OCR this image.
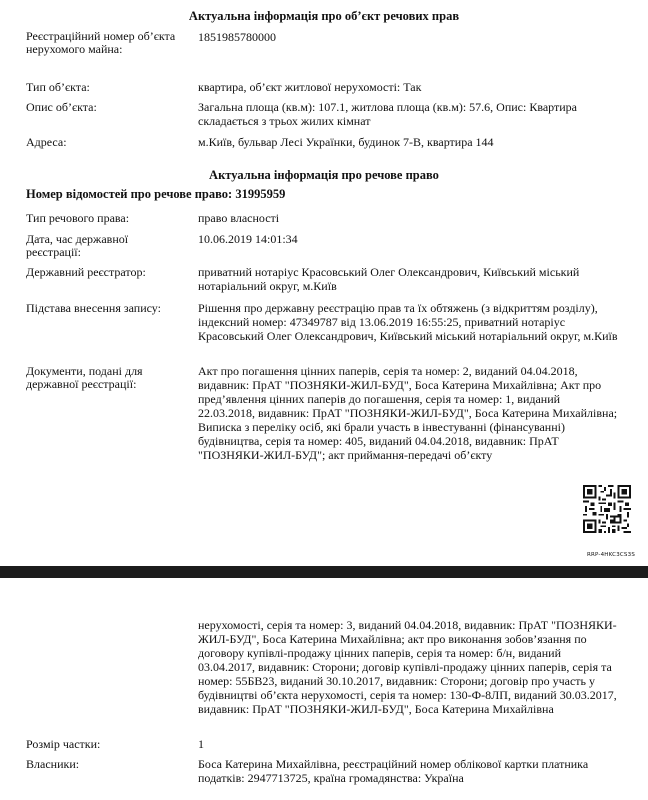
Актуальна інформація про об’єкт речових прав
Реєстраційний номер об’єкта нерухомого майна:
1851985780000
Тип об’єкта:	квартира, об’єкт житлової нерухомості: Так
Опис об’єкта:	Загальна площа (кв.м): 107.1, житлова площа (кв.м): 57.6, Опис: Квартира складається з трьох жилих кімнат
Адреса:	м.Київ, бульвар Лесі Українки, будинок 7-В, квартира 144
Актуальна інформація про речове право
Номер відомостей про речове право: 31995959
Тип речового права:	право власності
Дата, час державної реєстрації:
10.06.2019 14:01:34
Державний реєстратор:	приватний нотаріус Красовський Олег Олександрович, Київський міський нотаріальний округ, м.Київ
Підстава внесення запису:	Рішення про державну реєстрацію прав та їх обтяжень (з відкриттям розділу), індексний номер: 47349787 від 13.06.2019 16:55:25, приватний нотаріус Красовський Олег Олександрович, Київський міський нотаріальний округ, м.Київ
Документи, подані для державної реєстрації:
Акт про погашення цінних паперів, серія та номер: 2, виданий 04.04.2018, видавник: ПрАТ "ПОЗНЯКИ-ЖИЛ-БУД", Боса Катерина Михайлівна; Акт про пред’явлення цінних паперів до погашення, серія та номер: 1, виданий 22.03.2018, видавник: ПрАТ "ПОЗНЯКИ-ЖИЛ-БУД", Боса Катерина Михайлівна; Виписка з переліку осіб, які брали участь в інвестуванні (фінансуванні) будівництва, серія та номер: 405, виданий 04.04.2018, видавник: ПрАТ "ПОЗНЯКИ-ЖИЛ-БУД"; акт приймання-передачі об’єкту
RRP-4HKC3CS3S
нерухомості, серія та номер: 3, виданий 04.04.2018, видавник: ПрАТ "ПОЗНЯКИ-ЖИЛ-БУД", Боса Катерина Михайлівна; акт про виконання зобов’язання по договору купівлі-продажу цінних паперів, серія та номер: б/н, виданий 03.04.2017, видавник: Сторони; договір купівлі-продажу цінних паперів, серія та номер: 55БВ23, виданий 30.10.2017, видавник: Сторони; договір про участь у будівництві об’єкта нерухомості, серія та номер: 130-Ф-8ЛП, виданий 30.03.2017, видавник: ПрАТ "ПОЗНЯКИ-ЖИЛ-БУД", Боса Катерина Михайлівна
Розмір частки:	1
Власники:	Боса Катерина Михайлівна, реєстраційний номер облікової картки платника податків: 2947713725, країна громадянства: Україна
